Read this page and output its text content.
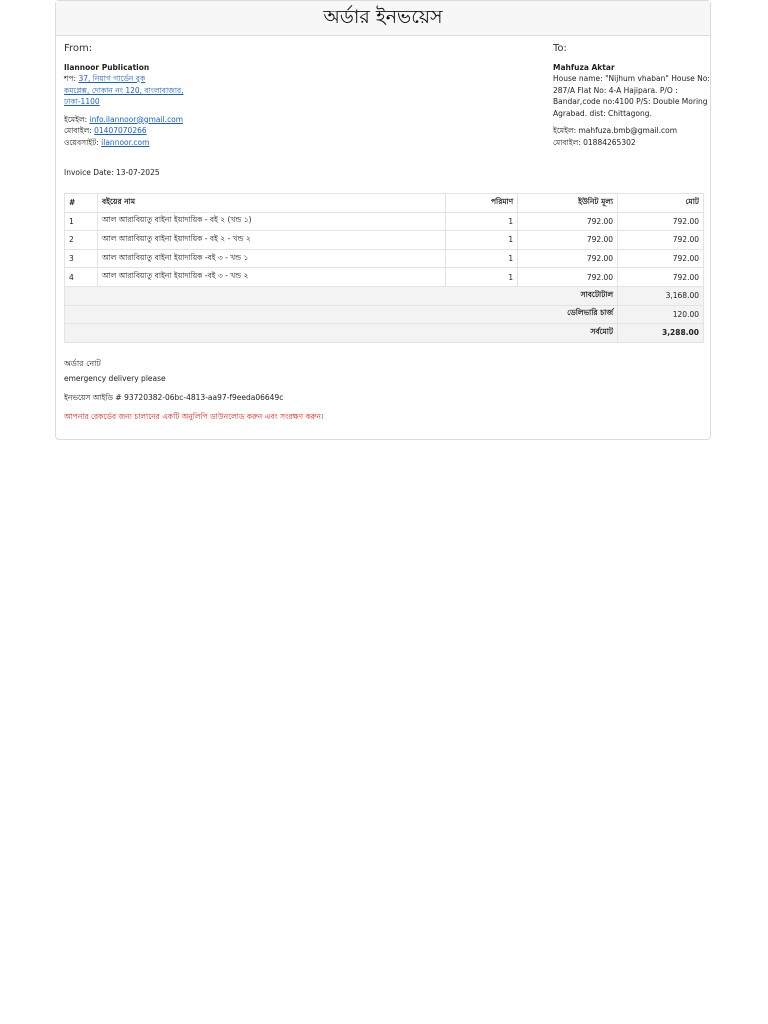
অর্ডার ইনভয়েস

From:

Ilannoor Publication

শপ: 37, নিয়াগ গার্ডেন বুক

কমপ্লেক্স, দোকান নং 120, বাংলাবাজার,

ঢাকা-1100

ইমেইল: info.ilannoor@gmail.com

মোবাইল: 01407070266

ওয়েবসাইট: ilannoor.com

To:

Mahfuza Aktar

House name: "Nijhum vhaban" House No:

287/A Flat No: 4-A Hajipara. P/O :

Bandar,code no:4100 P/S: Double Moring

Agrabad. dist: Chittagong.

ইমেইল: mahfuza.bmb@gmail.com

মোবাইল: 01884265302

Invoice Date: 13-07-2025

#	বইয়ের নাম	পরিমাণ	ইউনিট মূল্য	মোট
1	আল আরাবিয়াতু বাইনা ইয়াদায়িক - বই ২ (খন্ড ১)	1	792.00	792.00
2	আল আরাবিয়াতু বাইনা ইয়াদায়িক - বই ২ - খন্ড ২	1	792.00	792.00
3	আল আরাবিয়াতু বাইনা ইয়াদায়িক -বই ৩ - খন্ড ১	1	792.00	792.00
4	আল আরাবিয়াতু বাইনা ইয়াদায়িক -বই ৩ - খন্ড ২	1	792.00	792.00
সাবটোটাল				3,168.00
ডেলিভারি চার্জ				120.00
সর্বমোট				3,288.00

অর্ডার নোট

emergency delivery please

ইনভয়েস আইডি # 93720382-06bc-4813-aa97-f9eeda06649c

আপনার রেকর্ডের জন্য চালানের একটি অনুলিপি ডাউনলোড করুন এবং সংরক্ষণ করুন।
